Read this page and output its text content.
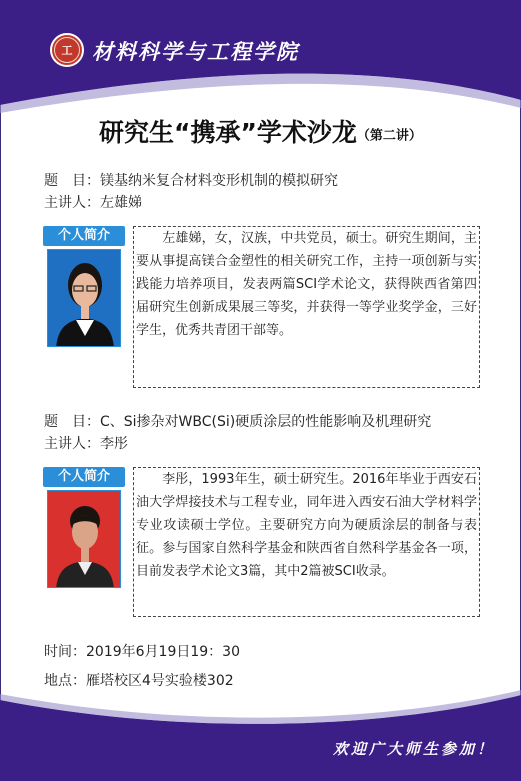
工 材料科学与工程学院
研究生“携承”学术沙龙（第二讲）
题　目：镁基纳米复合材料变形机制的模拟研究
主讲人：左雄娣
个人简介	　　左雄娣，女，汉族，中共党员，硕士。研究生期间，主要从事提高镁合金塑性的相关研究工作，主持一项创新与实践能力培养项目，发表两篇SCI学术论文，获得陕西省第四届研究生创新成果展三等奖，并获得一等学业奖学金，三好学生，优秀共青团干部等。
题　目：C、Si掺杂对WBC(Si)硬质涂层的性能影响及机理研究
主讲人：李彤
个人简介	　　李彤，1993年生，硕士研究生。2016年毕业于西安石油大学焊接技术与工程专业，同年进入西安石油大学材料学专业攻读硕士学位。主要研究方向为硬质涂层的制备与表征。参与国家自然科学基金和陕西省自然科学基金各一项，目前发表学术论文3篇，其中2篇被SCI收录。
时间：2019年6月19日19：30
地点：雁塔校区4号实验楼302
欢迎广大师生参加！
